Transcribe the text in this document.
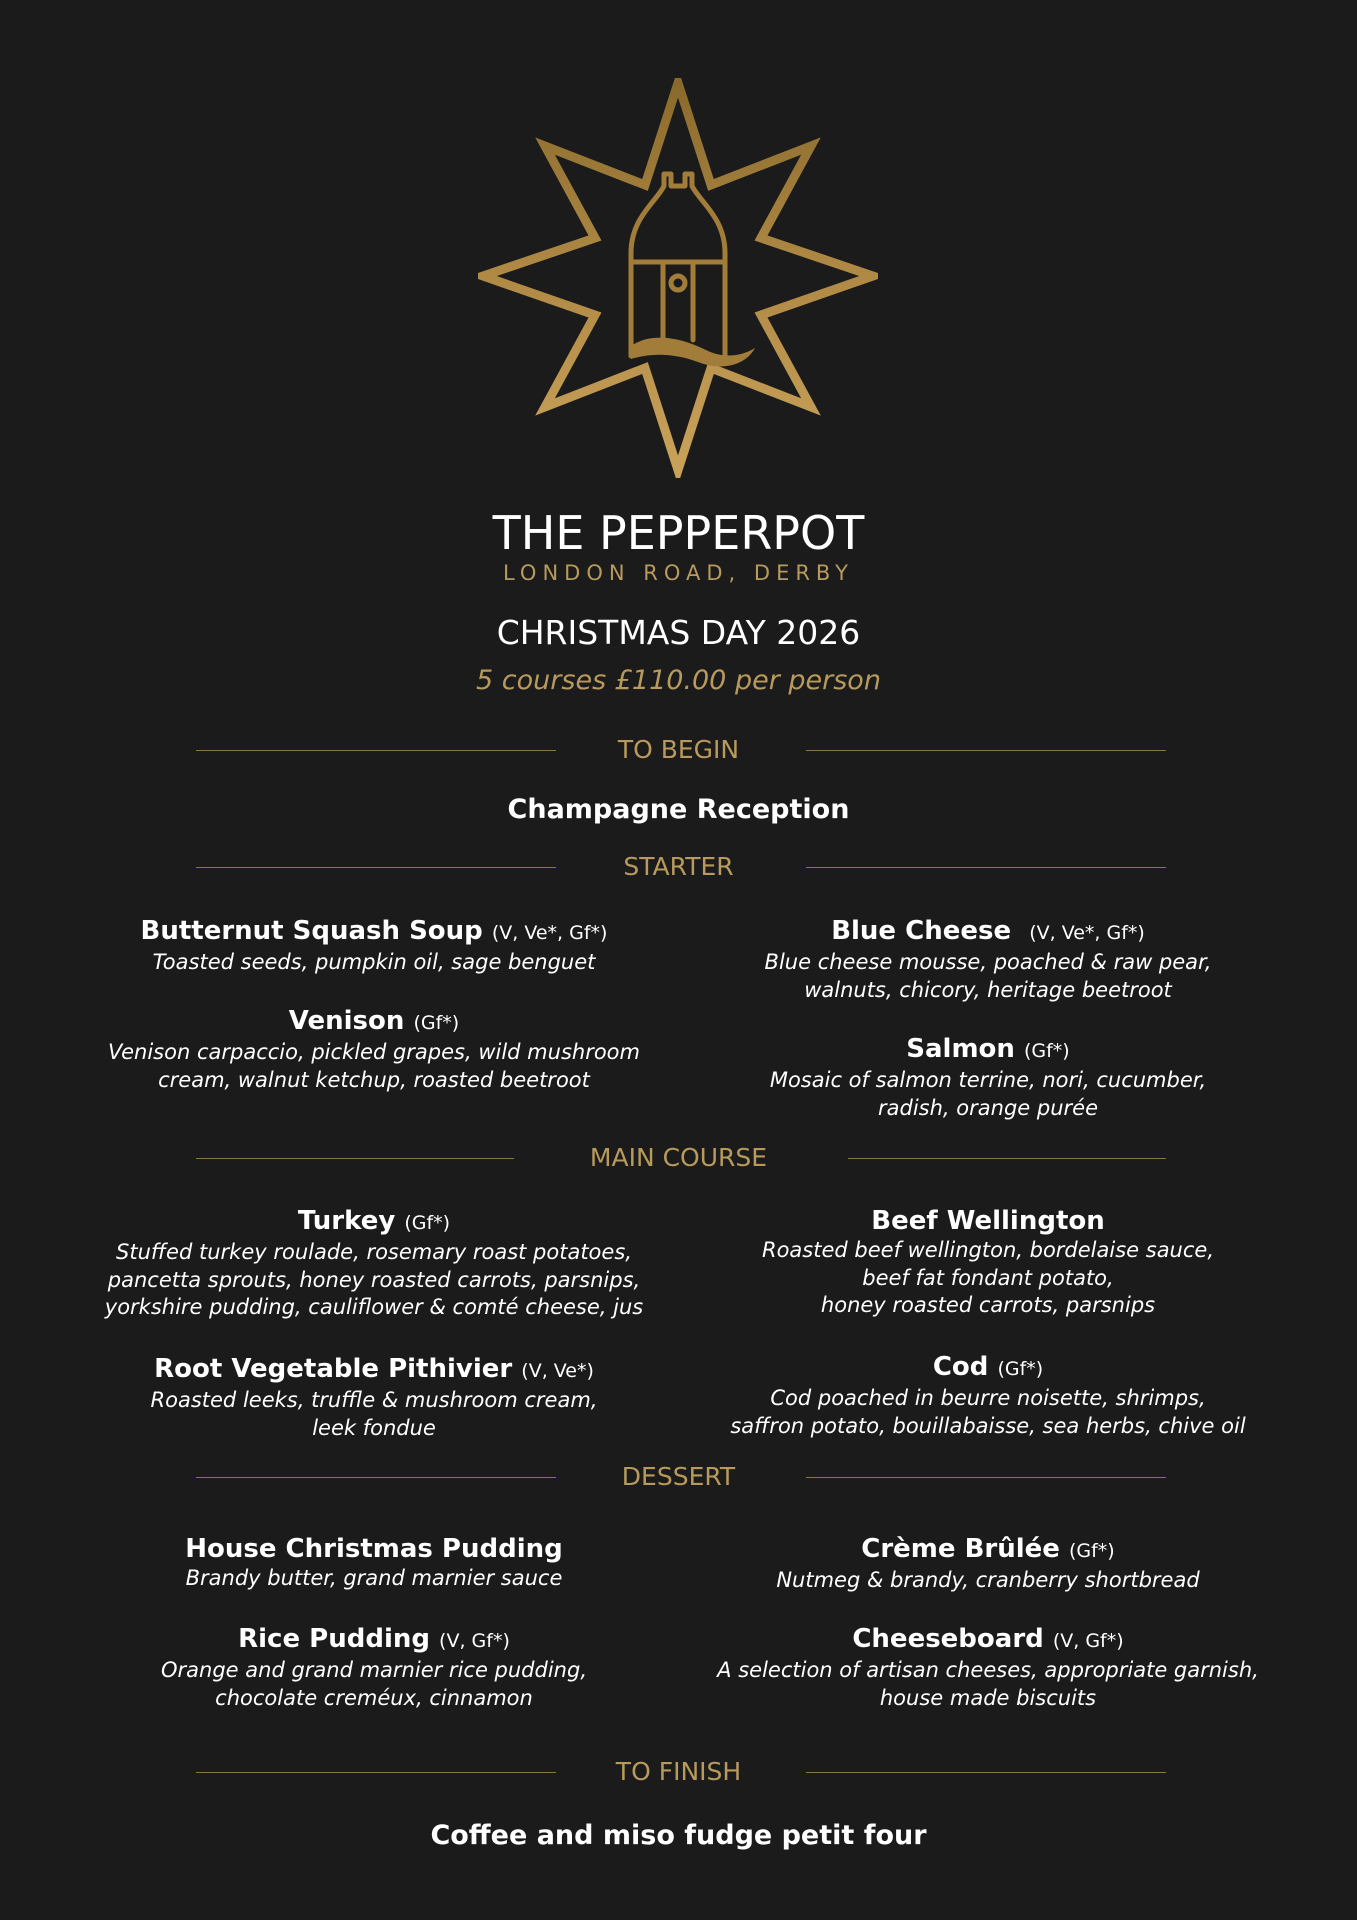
THE PEPPERPOT
LONDON ROAD, DERBY
CHRISTMAS DAY 2026
5 courses £110.00 per person
TO BEGIN
Champagne Reception
STARTER
Butternut Squash Soup (V, Ve*, Gf*)
Toasted seeds, pumpkin oil, sage benguet
Venison (Gf*)
Venison carpaccio, pickled grapes, wild mushroom
cream, walnut ketchup, roasted beetroot
Blue Cheese (V, Ve*, Gf*)
Blue cheese mousse, poached & raw pear,
walnuts, chicory, heritage beetroot
Salmon (Gf*)
Mosaic of salmon terrine, nori, cucumber,
radish, orange purée
MAIN COURSE
Turkey (Gf*)
Stuffed turkey roulade, rosemary roast potatoes,
pancetta sprouts, honey roasted carrots, parsnips,
yorkshire pudding, cauliflower & comté cheese, jus
Root Vegetable Pithivier (V, Ve*)
Roasted leeks, truffle & mushroom cream,
leek fondue
Beef Wellington
Roasted beef wellington, bordelaise sauce,
beef fat fondant potato,
honey roasted carrots, parsnips
Cod (Gf*)
Cod poached in beurre noisette, shrimps,
saffron potato, bouillabaisse, sea herbs, chive oil
DESSERT
House Christmas Pudding
Brandy butter, grand marnier sauce
Rice Pudding (V, Gf*)
Orange and grand marnier rice pudding,
chocolate creméux, cinnamon
Crème Brûlée (Gf*)
Nutmeg & brandy, cranberry shortbread
Cheeseboard (V, Gf*)
A selection of artisan cheeses, appropriate garnish,
house made biscuits
TO FINISH
Coffee and miso fudge petit four
